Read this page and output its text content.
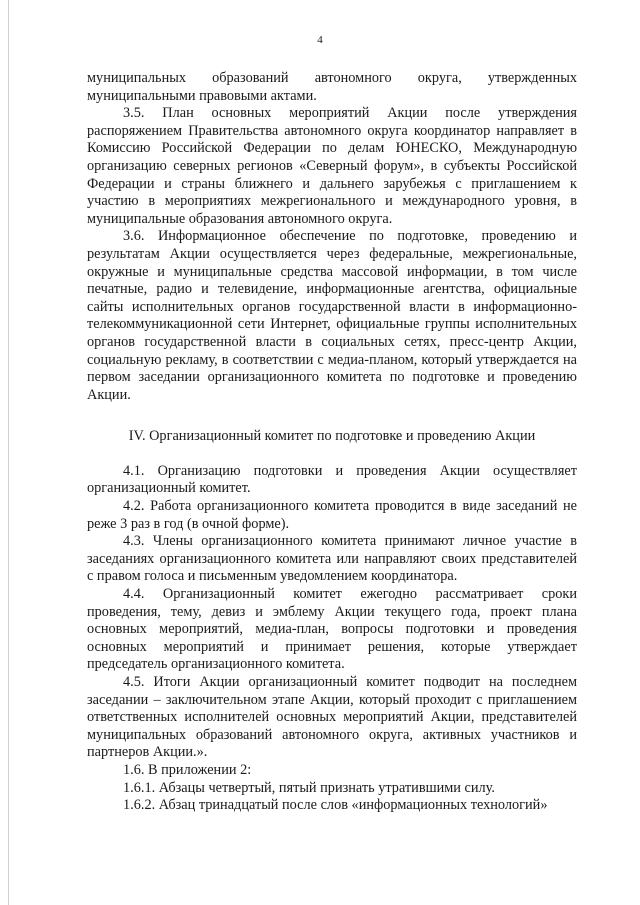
4

муниципальных образований автономного округа, утвержденных муниципальными правовыми актами.

3.5. План основных мероприятий Акции после утверждения распоряжением Правительства автономного округа координатор направляет в Комиссию Российской Федерации по делам ЮНЕСКО, Международную организацию северных регионов «Северный форум», в субъекты Российской Федерации и страны ближнего и дальнего зарубежья с приглашением к участию в мероприятиях межрегионального и международного уровня, в муниципальные образования автономного округа.

3.6. Информационное обеспечение по подготовке, проведению и результатам Акции осуществляется через федеральные, межрегиональные, окружные и муниципальные средства массовой информации, в том числе печатные, радио и телевидение, информационные агентства, официальные сайты исполнительных органов государственной власти в информационно-телекоммуникационной сети Интернет, официальные группы исполнительных органов государственной власти в социальных сетях, пресс-центр Акции, социальную рекламу, в соответствии с медиа-планом, который утверждается на первом заседании организационного комитета по подготовке и проведению Акции.

IV. Организационный комитет по подготовке и проведению Акции

4.1. Организацию подготовки и проведения Акции осуществляет организационный комитет.

4.2. Работа организационного комитета проводится в виде заседаний не реже 3 раз в год (в очной форме).

4.3. Члены организационного комитета принимают личное участие в заседаниях организационного комитета или направляют своих представителей с правом голоса и письменным уведомлением координатора.

4.4. Организационный комитет ежегодно рассматривает сроки проведения, тему, девиз и эмблему Акции текущего года, проект плана основных мероприятий, медиа-план, вопросы подготовки и проведения основных мероприятий и принимает решения, которые утверждает председатель организационного комитета.

4.5. Итоги Акции организационный комитет подводит на последнем заседании – заключительном этапе Акции, который проходит с приглашением ответственных исполнителей основных мероприятий Акции, представителей муниципальных образований автономного округа, активных участников и партнеров Акции.».

1.6. В приложении 2:

1.6.1. Абзацы четвертый, пятый признать утратившими силу.

1.6.2. Абзац тринадцатый после слов «информационных технологий»
